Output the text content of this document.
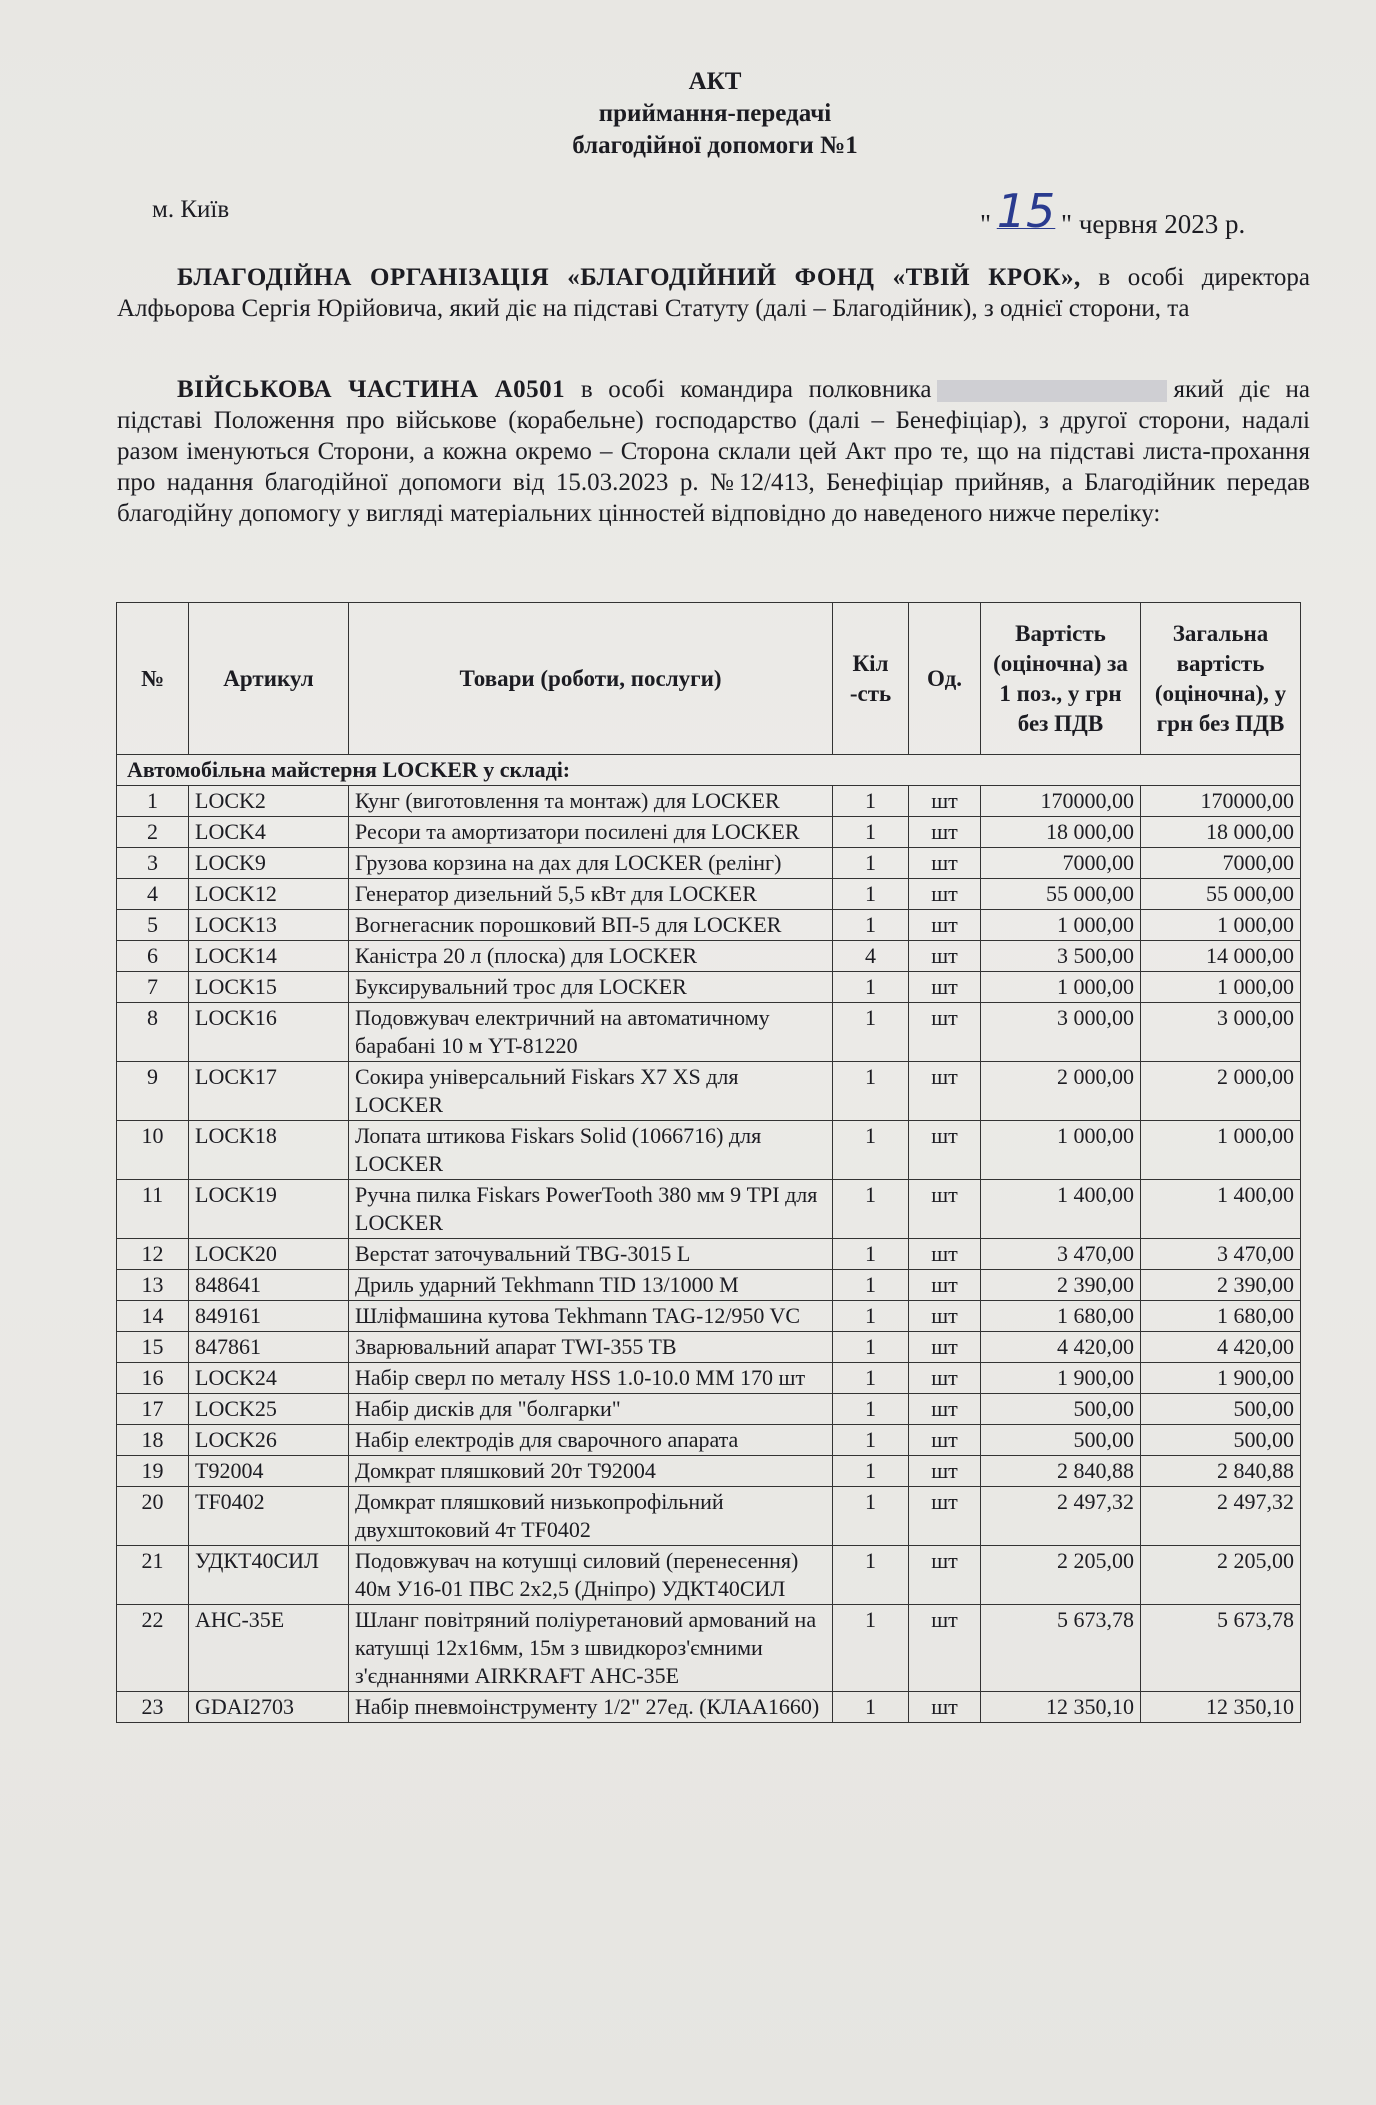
АКТ
приймання-передачі
благодійної допомоги №1
м. Київ	" 15 " червня 2023 р.
БЛАГОДІЙНА ОРГАНІЗАЦІЯ «БЛАГОДІЙНИЙ ФОНД «ТВІЙ КРОК», в особі директора Алфьорова Сергія Юрійовича, який діє на підставі Статуту (далі – Благодійник), з однієї сторони, та
ВІЙСЬКОВА ЧАСТИНА А0501 в особі командира полковника	який діє на підставі Положення про військове (корабельне) господарство (далі – Бенефіціар), з другої сторони, надалі разом іменуються Сторони, а кожна окремо – Сторона склали цей Акт про те, що на підставі листа-прохання про надання благодійної допомоги від 15.03.2023 р. №12/413, Бенефіціар прийняв, а Благодійник передав благодійну допомогу у вигляді матеріальних цінностей відповідно до наведеного нижче переліку:
№	Артикул	Товари (роботи, послуги)	Кіл -сть	Од.	Вартість (оціночна) за 1 поз., у грн без ПДВ	Загальна вартість (оціночна), у грн без ПДВ
Автомобільна майстерня LOCKER у складі:						
1	LOCK2	Кунг (виготовлення та монтаж) для LOCKER	1	шт	170000,00	170000,00
2	LOCK4	Ресори та амортизатори посилені для LOCKER	1	шт	18 000,00	18 000,00
3	LOCK9	Грузова корзина на дах для LOCKER (релінг)	1	шт	7000,00	7000,00
4	LOCK12	Генератор дизельний 5,5 кВт для LOCKER	1	шт	55 000,00	55 000,00
5	LOCK13	Вогнегасник порошковий ВП-5 для LOCKER	1	шт	1 000,00	1 000,00
6	LOCK14	Каністра 20 л (плоска) для LOCKER	4	шт	3 500,00	14 000,00
7	LOCK15	Буксирувальний трос для LOCKER	1	шт	1 000,00	1 000,00
8	LOCK16	Подовжувач електричний на автоматичному барабані 10 м YT-81220	1	шт	3 000,00	3 000,00
9	LOCK17	Сокира універсальний Fiskars X7 XS для LOCKER	1	шт	2 000,00	2 000,00
10	LOCK18	Лопата штикова Fiskars Solid (1066716) для LOCKER	1	шт	1 000,00	1 000,00
11	LOCK19	Ручна пилка Fiskars PowerTooth 380 мм 9 TPI для LOCKER	1	шт	1 400,00	1 400,00
12	LOCK20	Верстат заточувальний TBG-3015 L	1	шт	3 470,00	3 470,00
13	848641	Дриль ударний Tekhmann TID 13/1000 M	1	шт	2 390,00	2 390,00
14	849161	Шліфмашина кутова Tekhmann TAG-12/950 VC	1	шт	1 680,00	1 680,00
15	847861	Зварювальний апарат TWI-355 TB	1	шт	4 420,00	4 420,00
16	LOCK24	Набір сверл по металу HSS 1.0-10.0 MM 170 шт	1	шт	1 900,00	1 900,00
17	LOCK25	Набір дисків для "болгарки"	1	шт	500,00	500,00
18	LOCK26	Набір електродів для сварочного апарата	1	шт	500,00	500,00
19	T92004	Домкрат пляшковий 20т T92004	1	шт	2 840,88	2 840,88
20	TF0402	Домкрат пляшковий низькопрофільний двухштоковий 4т TF0402	1	шт	2 497,32	2 497,32
21	УДКТ40СИЛ	Подовжувач на котушці силовий (перенесення) 40м У16-01 ПВС 2х2,5 (Дніпро) УДКТ40СИЛ	1	шт	2 205,00	2 205,00
22	АНС-35Е	Шланг повітряний поліуретановий армований на катушці 12х16мм, 15м з швидкороз'ємними з'єднаннями AIRKRAFT АНС-35Е	1	шт	5 673,78	5 673,78
23	GDAI2703	Набір пневмоінструменту 1/2" 27ед. (КЛАА1660)	1	шт	12 350,10	12 350,10
